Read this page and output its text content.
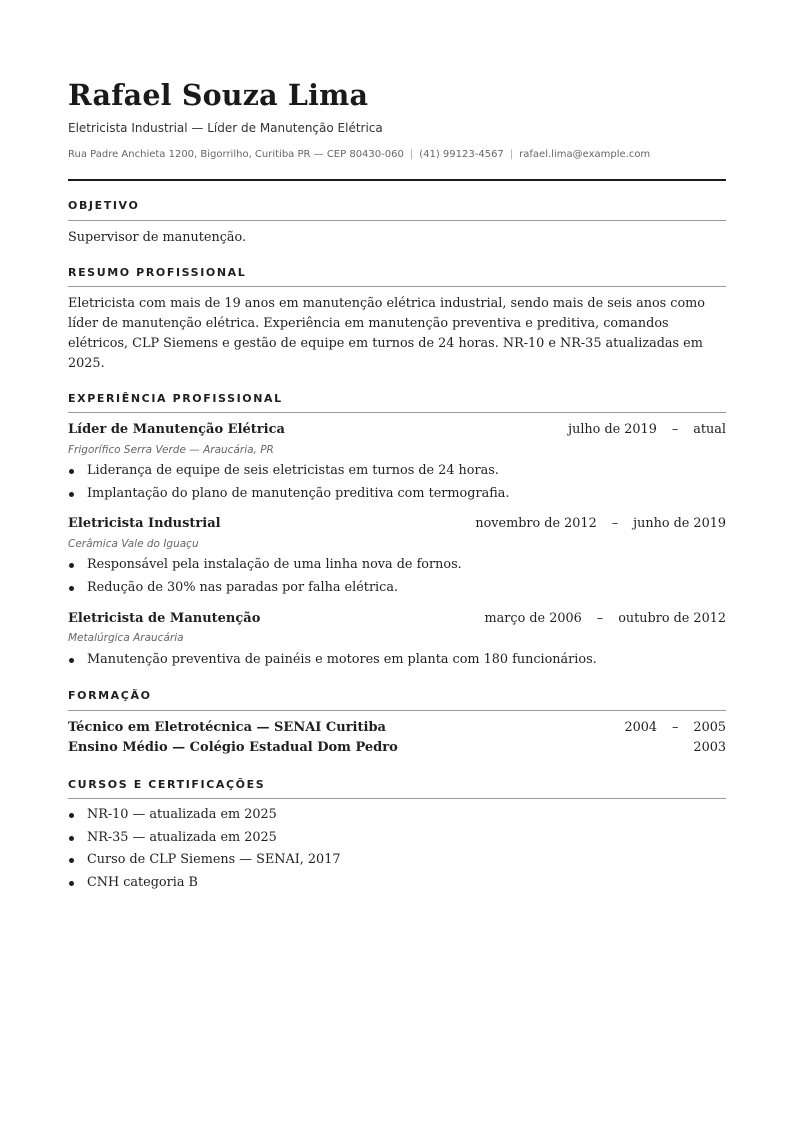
Rafael Souza Lima
Eletricista Industrial — Líder de Manutenção Elétrica
Rua Padre Anchieta 1200, Bigorrilho, Curitiba PR — CEP 80430-060 | (41) 99123-4567 | rafael.lima@example.com
OBJETIVO
Supervisor de manutenção.
RESUMO PROFISSIONAL
Eletricista com mais de 19 anos em manutenção elétrica industrial, sendo mais de seis anos como líder de manutenção elétrica. Experiência em manutenção preventiva e preditiva, comandos elétricos, CLP Siemens e gestão de equipe em turnos de 24 horas. NR-10 e NR-35 atualizadas em 2025.
EXPERIÊNCIA PROFISSIONAL
Líder de Manutenção Elétrica	julho de 2019 – atual
Frigorífico Serra Verde — Araucária, PR
Liderança de equipe de seis eletricistas em turnos de 24 horas.
Implantação do plano de manutenção preditiva com termografia.
Eletricista Industrial	novembro de 2012 – junho de 2019
Cerâmica Vale do Iguaçu
Responsável pela instalação de uma linha nova de fornos.
Redução de 30% nas paradas por falha elétrica.
Eletricista de Manutenção	março de 2006 – outubro de 2012
Metalúrgica Araucária
Manutenção preventiva de painéis e motores em planta com 180 funcionários.
FORMAÇÃO
Técnico em Eletrotécnica — SENAI Curitiba	2004 – 2005
Ensino Médio — Colégio Estadual Dom Pedro	2003
CURSOS E CERTIFICAÇÕES
NR-10 — atualizada em 2025
NR-35 — atualizada em 2025
Curso de CLP Siemens — SENAI, 2017
CNH categoria B
